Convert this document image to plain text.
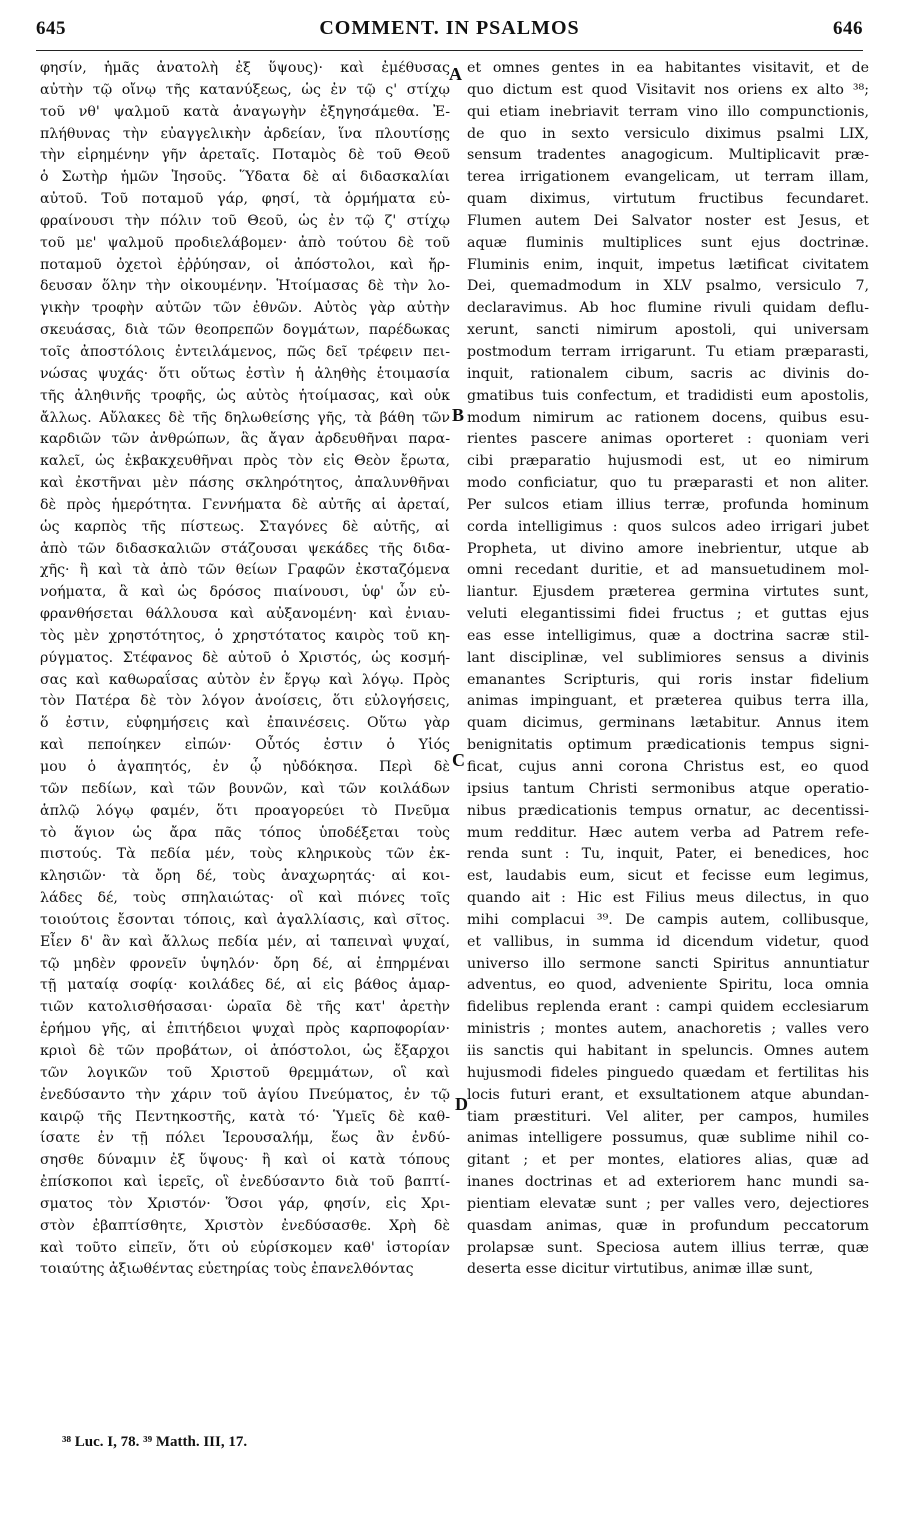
645	COMMENT. IN PSALMOS	646
φησίν, ἡμᾶς ἀνατολὴ ἐξ ὕψους)· καὶ ἐμέθυσας
αὐτὴν τῷ οἴνῳ τῆς κατανύξεως, ὡς ἐν τῷ ς' στίχῳ
τοῦ νθ' ψαλμοῦ κατὰ ἀναγωγὴν ἐξηγησάμεθα. Ἐ-
πλήθυνας τὴν εὐαγγελικὴν ἀρδείαν, ἵνα πλουτίσῃς
τὴν εἰρημένην γῆν ἀρεταῖς. Ποταμὸς δὲ τοῦ Θεοῦ
ὁ Σωτὴρ ἡμῶν Ἰησοῦς. Ὕδατα δὲ αἱ διδασκαλίαι
αὐτοῦ. Τοῦ ποταμοῦ γάρ, φησί, τὰ ὁρμήματα εὐ-
φραίνουσι τὴν πόλιν τοῦ Θεοῦ, ὡς ἐν τῷ ζ' στίχῳ
τοῦ με' ψαλμοῦ προδιελάβομεν· ἀπὸ τούτου δὲ τοῦ
ποταμοῦ ὀχετοὶ ἐῤῥύησαν, οἱ ἀπόστολοι, καὶ ἤρ-
δευσαν ὅλην τὴν οἰκουμένην. Ἡτοίμασας δὲ τὴν λο-
γικὴν τροφὴν αὐτῶν τῶν ἐθνῶν. Αὐτὸς γὰρ αὐτὴν
σκευάσας, διὰ τῶν θεοπρεπῶν δογμάτων, παρέδωκας
τοῖς ἀποστόλοις ἐντειλάμενος, πῶς δεῖ τρέφειν πει-
νώσας ψυχάς· ὅτι οὕτως ἐστὶν ἡ ἀληθὴς ἑτοιμασία
τῆς ἀληθινῆς τροφῆς, ὡς αὐτὸς ἡτοίμασας, καὶ οὐκ
ἄλλως. Αὔλακες δὲ τῆς δηλωθείσης γῆς, τὰ βάθη τῶν
καρδιῶν τῶν ἀνθρώπων, ἃς ἄγαν ἀρδευθῆναι παρα-
καλεῖ, ὡς ἐκβακχευθῆναι πρὸς τὸν εἰς Θεὸν ἔρωτα,
καὶ ἐκστῆναι μὲν πάσης σκληρότητος, ἀπαλυνθῆναι
δὲ πρὸς ἡμερότητα. Γεννήματα δὲ αὐτῆς αἱ ἀρεταί,
ὡς καρπὸς τῆς πίστεως. Σταγόνες δὲ αὐτῆς, αἱ
ἀπὸ τῶν διδασκαλιῶν στάζουσαι ψεκάδες τῆς διδα-
χῆς· ἢ καὶ τὰ ἀπὸ τῶν θείων Γραφῶν ἐκσταζόμενα
νοήματα, ἃ καὶ ὡς δρόσος πιαίνουσι, ὑφ' ὧν εὐ-
φρανθήσεται θάλλουσα καὶ αὐξανομένη· καὶ ἐνιαυ-
τὸς μὲν χρηστότητος, ὁ χρηστότατος καιρὸς τοῦ κη-
ρύγματος. Στέφανος δὲ αὐτοῦ ὁ Χριστός, ὡς κοσμή-
σας καὶ καθωραΐσας αὐτὸν ἐν ἔργῳ καὶ λόγῳ. Πρὸς
τὸν Πατέρα δὲ τὸν λόγον ἀνοίσεις, ὅτι εὐλογήσεις,
ὅ ἐστιν, εὐφημήσεις καὶ ἐπαινέσεις. Οὕτω γὰρ
καὶ πεποίηκεν εἰπών· Οὗτός ἐστιν ὁ Υἱός
μου ὁ ἀγαπητός, ἐν ᾧ ηὐδόκησα. Περὶ δὲ
τῶν πεδίων, καὶ τῶν βουνῶν, καὶ τῶν κοιλάδων
ἁπλῷ λόγῳ φαμέν, ὅτι προαγορεύει τὸ Πνεῦμα
τὸ ἅγιον ὡς ἄρα πᾶς τόπος ὑποδέξεται τοὺς
πιστούς. Τὰ πεδία μέν, τοὺς κληρικοὺς τῶν ἐκ-
κλησιῶν· τὰ ὄρη δέ, τοὺς ἀναχωρητάς· αἱ κοι-
λάδες δέ, τοὺς σπηλαιώτας· οἳ καὶ πιόνες τοῖς
τοιούτοις ἔσονται τόποις, καὶ ἀγαλλίασις, καὶ σῖτος.
Εἶεν δ' ἂν καὶ ἄλλως πεδία μέν, αἱ ταπειναὶ ψυχαί,
τῷ μηδὲν φρονεῖν ὑψηλόν· ὄρη δέ, αἱ ἐπηρμέναι
τῇ ματαίᾳ σοφίᾳ· κοιλάδες δέ, αἱ εἰς βάθος ἁμαρ-
τιῶν κατολισθήσασαι· ὡραῖα δὲ τῆς κατ' ἀρετὴν
ἐρήμου γῆς, αἱ ἐπιτήδειοι ψυχαὶ πρὸς καρποφορίαν·
κριοὶ δὲ τῶν προβάτων, οἱ ἀπόστολοι, ὡς ἔξαρχοι
τῶν λογικῶν τοῦ Χριστοῦ θρεμμάτων, οἳ καὶ
ἐνεδύσαντο τὴν χάριν τοῦ ἁγίου Πνεύματος, ἐν τῷ
καιρῷ τῆς Πεντηκοστῆς, κατὰ τό· Ὑμεῖς δὲ καθ-
ίσατε ἐν τῇ πόλει Ἱερουσαλήμ, ἕως ἂν ἐνδύ-
σησθε δύναμιν ἐξ ὕψους· ἢ καὶ οἱ κατὰ τόπους
ἐπίσκοποι καὶ ἱερεῖς, οἳ ἐνεδύσαντο διὰ τοῦ βαπτί-
σματος τὸν Χριστόν· Ὅσοι γάρ, φησίν, εἰς Χρι-
στὸν ἐβαπτίσθητε, Χριστὸν ἐνεδύσασθε. Χρὴ δὲ
καὶ τοῦτο εἰπεῖν, ὅτι οὐ εὑρίσκομεν καθ' ἱστορίαν
τοιαύτης ἀξιωθέντας εὐετηρίας τοὺς ἐπανελθόντας
et omnes gentes in ea habitantes visitavit, et de
quo dictum est quod Visitavit nos oriens ex alto ³⁸;
qui etiam inebriavit terram vino illo compunctionis,
de quo in sexto versiculo diximus psalmi LIX,
sensum tradentes anagogicum. Multiplicavit præ-
terea irrigationem evangelicam, ut terram illam,
quam diximus, virtutum fructibus fecundaret.
Flumen autem Dei Salvator noster est Jesus, et
aquæ fluminis multiplices sunt ejus doctrinæ.
Fluminis enim, inquit, impetus lætificat civitatem
Dei, quemadmodum in XLV psalmo, versiculo 7,
declaravimus. Ab hoc flumine rivuli quidam deflu-
xerunt, sancti nimirum apostoli, qui universam
postmodum terram irrigarunt. Tu etiam præparasti,
inquit, rationalem cibum, sacris ac divinis do-
gmatibus tuis confectum, et tradidisti eum apostolis,
modum nimirum ac rationem docens, quibus esu-
rientes pascere animas oporteret : quoniam veri
cibi præparatio hujusmodi est, ut eo nimirum
modo conficiatur, quo tu præparasti et non aliter.
Per sulcos etiam illius terræ, profunda hominum
corda intelligimus : quos sulcos adeo irrigari jubet
Propheta, ut divino amore inebrientur, utque ab
omni recedant duritie, et ad mansuetudinem mol-
liantur. Ejusdem præterea germina virtutes sunt,
veluti elegantissimi fidei fructus ; et guttas ejus
eas esse intelligimus, quæ a doctrina sacræ stil-
lant disciplinæ, vel sublimiores sensus a divinis
emanantes Scripturis, qui roris instar fidelium
animas impinguant, et præterea quibus terra illa,
quam dicimus, germinans lætabitur. Annus item
benignitatis optimum prædicationis tempus signi-
ficat, cujus anni corona Christus est, eo quod
ipsius tantum Christi sermonibus atque operatio-
nibus prædicationis tempus ornatur, ac decentissi-
mum redditur. Hæc autem verba ad Patrem refe-
renda sunt : Tu, inquit, Pater, ei benedices, hoc
est, laudabis eum, sicut et fecisse eum legimus,
quando ait : Hic est Filius meus dilectus, in quo
mihi complacui ³⁹. De campis autem, collibusque,
et vallibus, in summa id dicendum videtur, quod
universo illo sermone sancti Spiritus annuntiatur
adventus, eo quod, adveniente Spiritu, loca omnia
fidelibus replenda erant : campi quidem ecclesiarum
ministris ; montes autem, anachoretis ; valles vero
iis sanctis qui habitant in speluncis. Omnes autem
hujusmodi fideles pinguedo quædam et fertilitas his
locis futuri erant, et exsultationem atque abundan-
tiam præstituri. Vel aliter, per campos, humiles
animas intelligere possumus, quæ sublime nihil co-
gitant ; et per montes, elatiores alias, quæ ad
inanes doctrinas et ad exteriorem hanc mundi sa-
pientiam elevatæ sunt ; per valles vero, dejectiores
quasdam animas, quæ in profundum peccatorum
prolapsæ sunt. Speciosa autem illius terræ, quæ
deserta esse dicitur virtutibus, animæ illæ sunt,
A
B
C
D
³⁸ Luc. I, 78. ³⁹ Matth. III, 17.
